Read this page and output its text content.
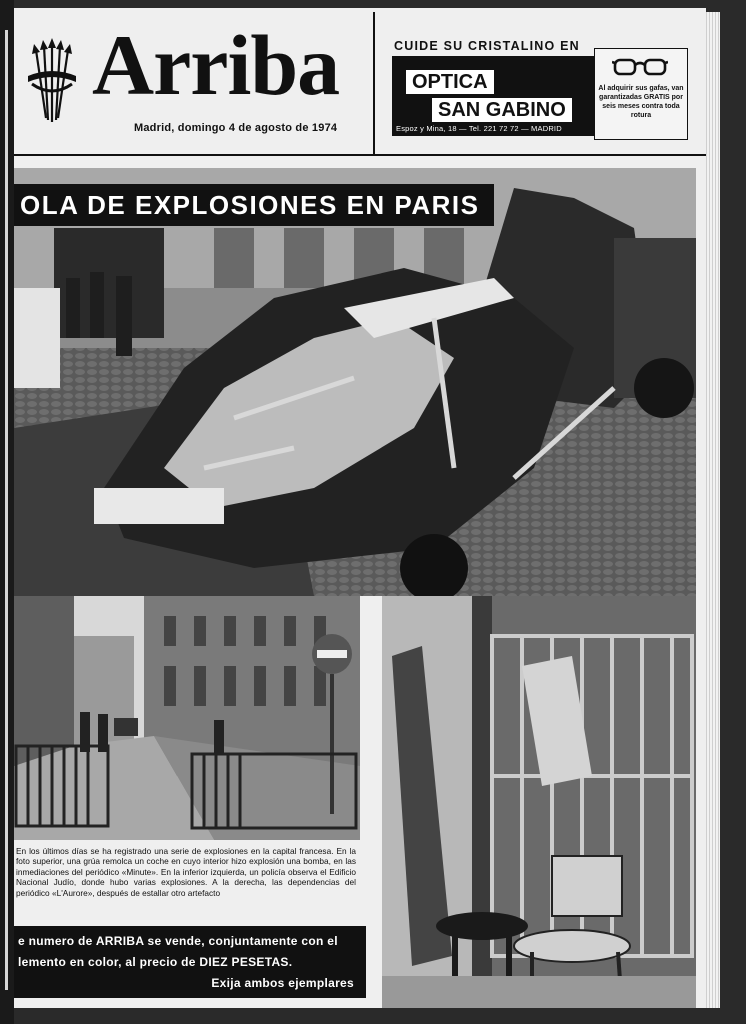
Arriba
Madrid, domingo 4 de agosto de 1974
CUIDE SU CRISTALINO EN
OPTICA
SAN GABINO
Espoz y Mina, 18 — Tel. 221 72 72 — MADRID
Al adquirir sus gafas, van garantizadas GRATIS por seis meses contra toda rotura
OLA DE EXPLOSIONES EN PARIS
En los últimos días se ha registrado una serie de explosiones en la capital francesa. En la foto superior, una grúa remolca un coche en cuyo interior hizo explosión una bomba, en las inmediaciones del periódico «Minute». En la inferior izquierda, un policía observa el Edificio Nacional Judío, donde hubo varias explosiones. A la derecha, las dependencias del periódico «L'Aurore», después de estallar otro artefacto
e numero de ARRIBA se vende, conjuntamente con el
lemento en color, al precio de DIEZ PESETAS.
Exija ambos ejemplares
